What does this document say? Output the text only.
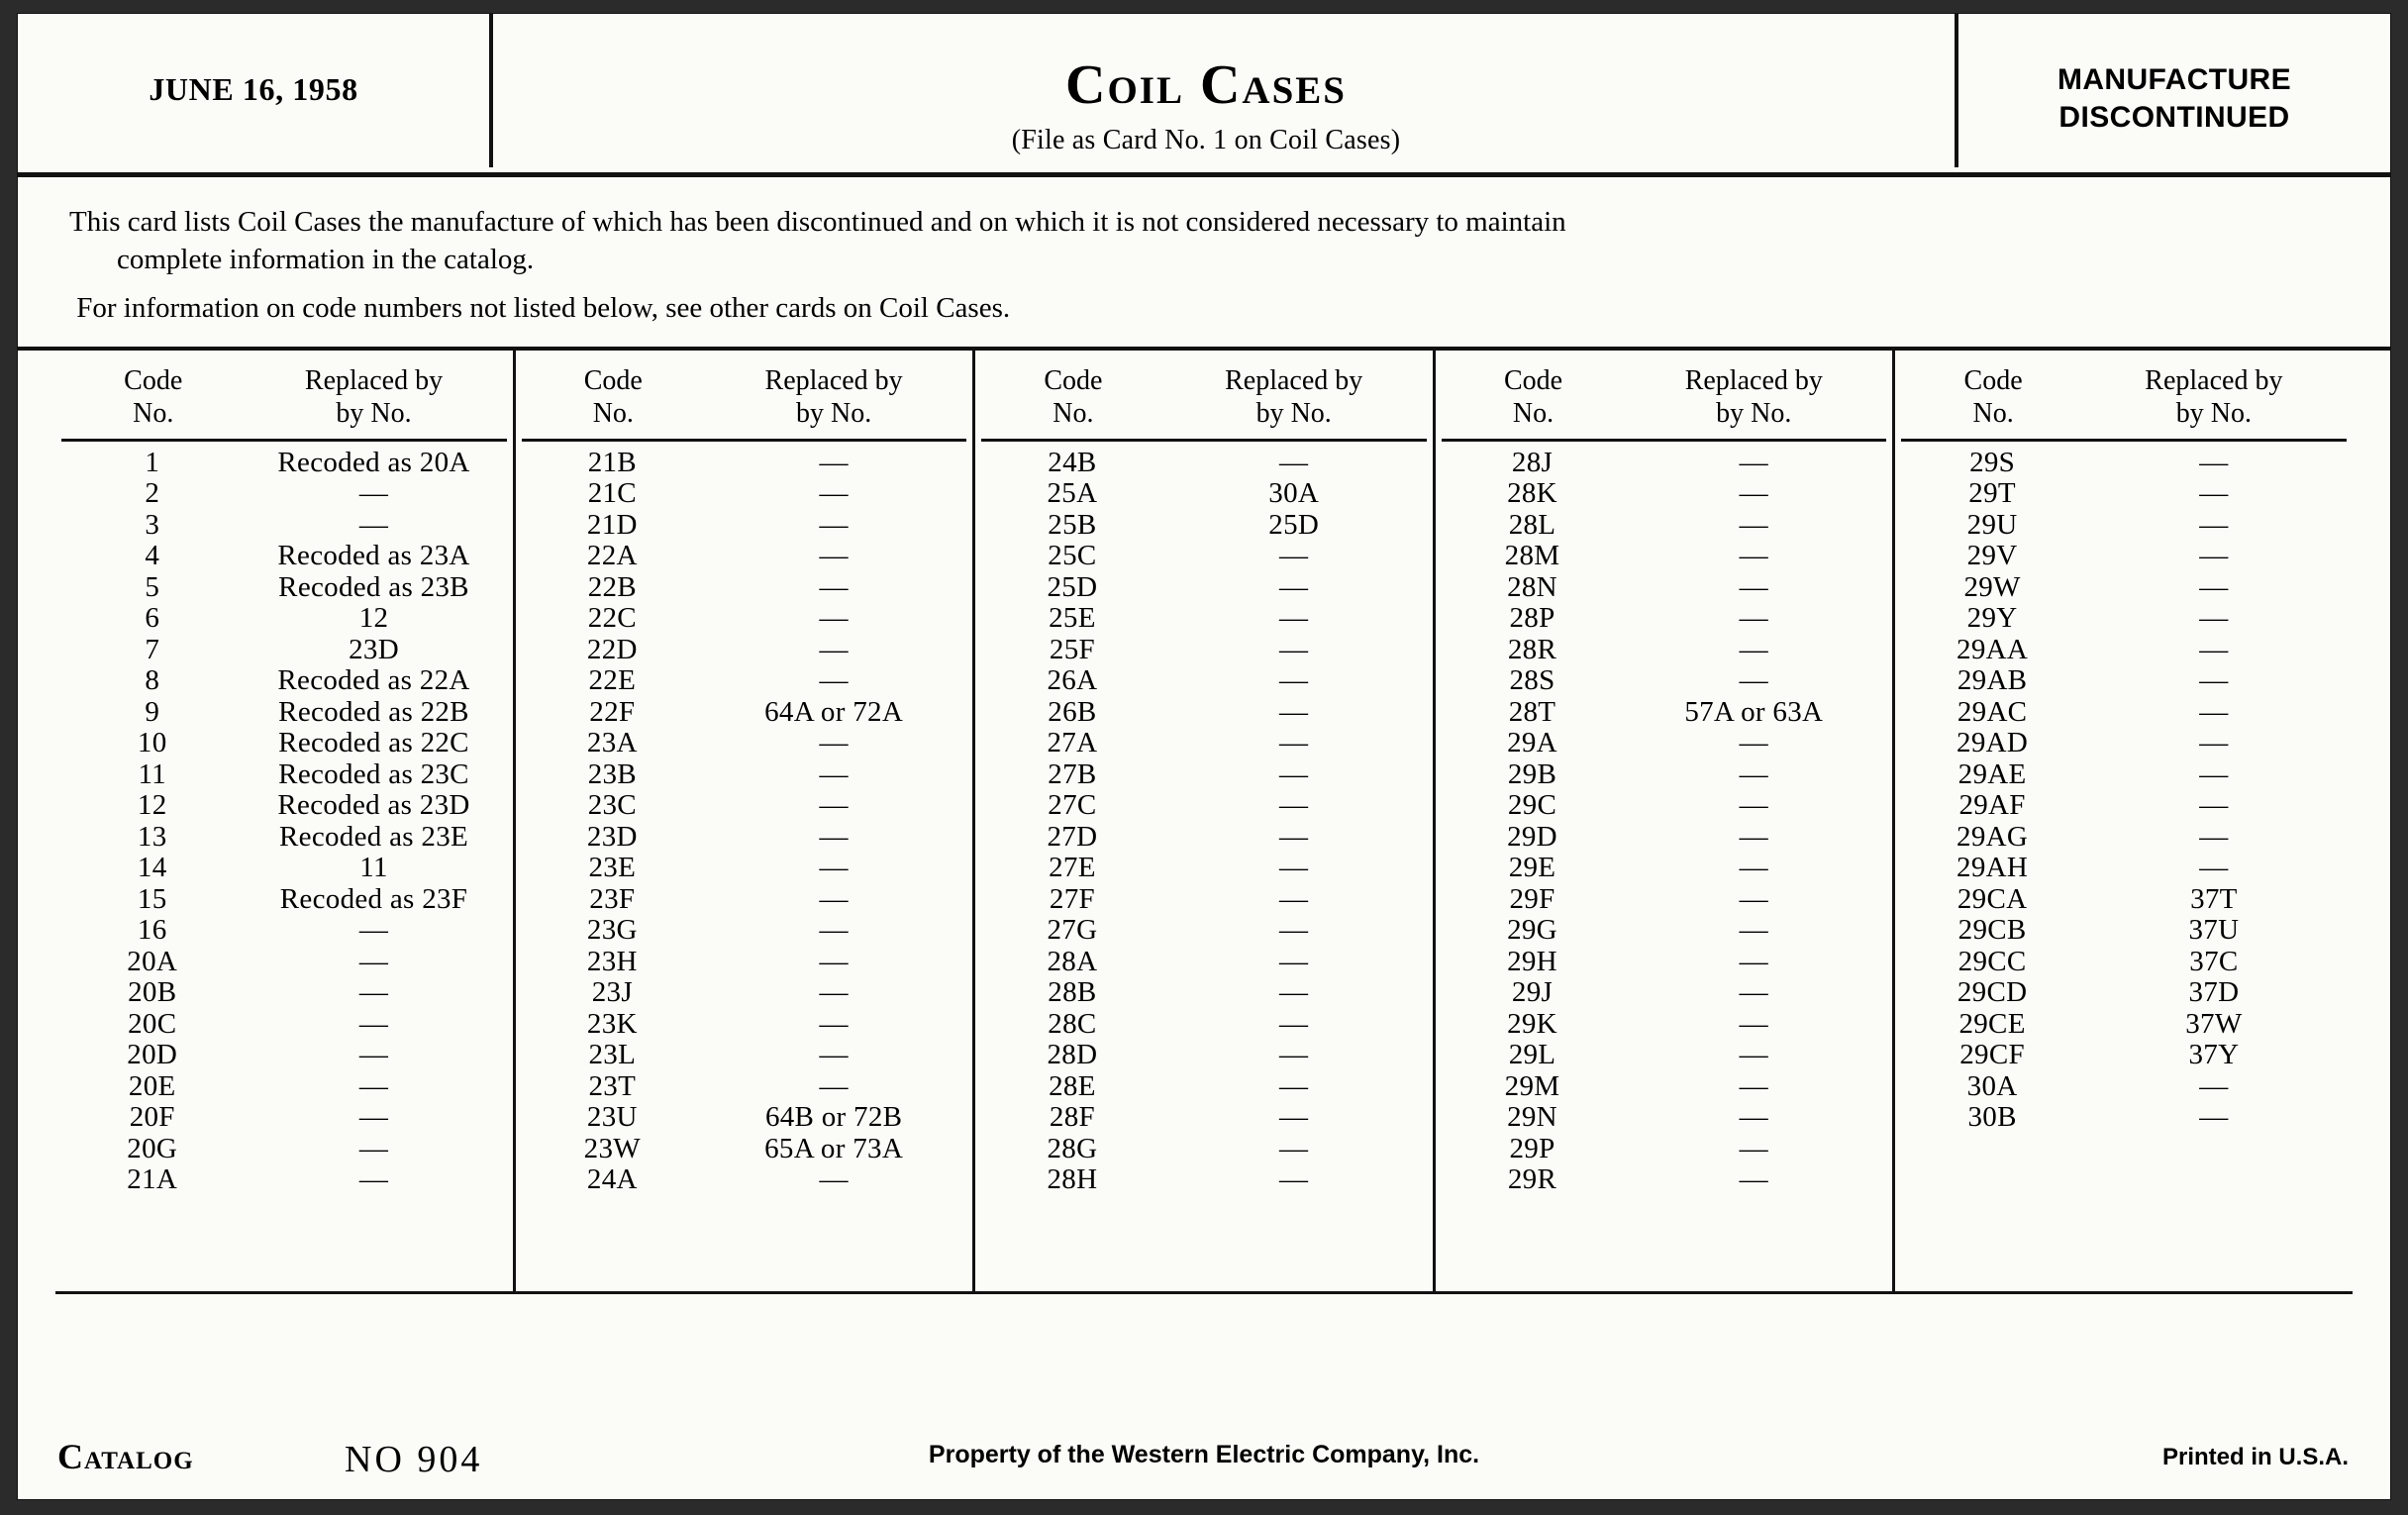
JUNE 16, 1958	Coil Cases
(File as Card No. 1 on Coil Cases)
MANUFACTURE
DISCONTINUED

This card lists Coil Cases the manufacture of which has been discontinued and on which it is not considered necessary to maintain
complete information in the catalog.

For information on code numbers not listed below, see other cards on Coil Cases.

Code
No.
Replaced by
by No.
1	Recoded as 20A
2	—
3	—
4	Recoded as 23A
5	Recoded as 23B
6	12
7	23D
8	Recoded as 22A
9	Recoded as 22B
10	Recoded as 22C
11	Recoded as 23C
12	Recoded as 23D
13	Recoded as 23E
14	11
15	Recoded as 23F
16	—
20A	—
20B	—
20C	—
20D	—
20E	—
20F	—
20G	—
21A	—
Code
No.
Replaced by
by No.
21B	—
21C	—
21D	—
22A	—
22B	—
22C	—
22D	—
22E	—
22F	64A or 72A
23A	—
23B	—
23C	—
23D	—
23E	—
23F	—
23G	—
23H	—
23J	—
23K	—
23L	—
23T	—
23U	64B or 72B
23W	65A or 73A
24A	—
Code
No.
Replaced by
by No.
24B	—
25A	30A
25B	25D
25C	—
25D	—
25E	—
25F	—
26A	—
26B	—
27A	—
27B	—
27C	—
27D	—
27E	—
27F	—
27G	—
28A	—
28B	—
28C	—
28D	—
28E	—
28F	—
28G	—
28H	—
Code
No.
Replaced by
by No.
28J	—
28K	—
28L	—
28M	—
28N	—
28P	—
28R	—
28S	—
28T	57A or 63A
29A	—
29B	—
29C	—
29D	—
29E	—
29F	—
29G	—
29H	—
29J	—
29K	—
29L	—
29M	—
29N	—
29P	—
29R	—
Code
No.
Replaced by
by No.
29S	—
29T	—
29U	—
29V	—
29W	—
29Y	—
29AA	—
29AB	—
29AC	—
29AD	—
29AE	—
29AF	—
29AG	—
29AH	—
29CA	37T
29CB	37U
29CC	37C
29CD	37D
29CE	37W
29CF	37Y
30A	—
30B	—
Catalog	NO 904	Property of the Western Electric Company, Inc.	Printed in U.S.A.
